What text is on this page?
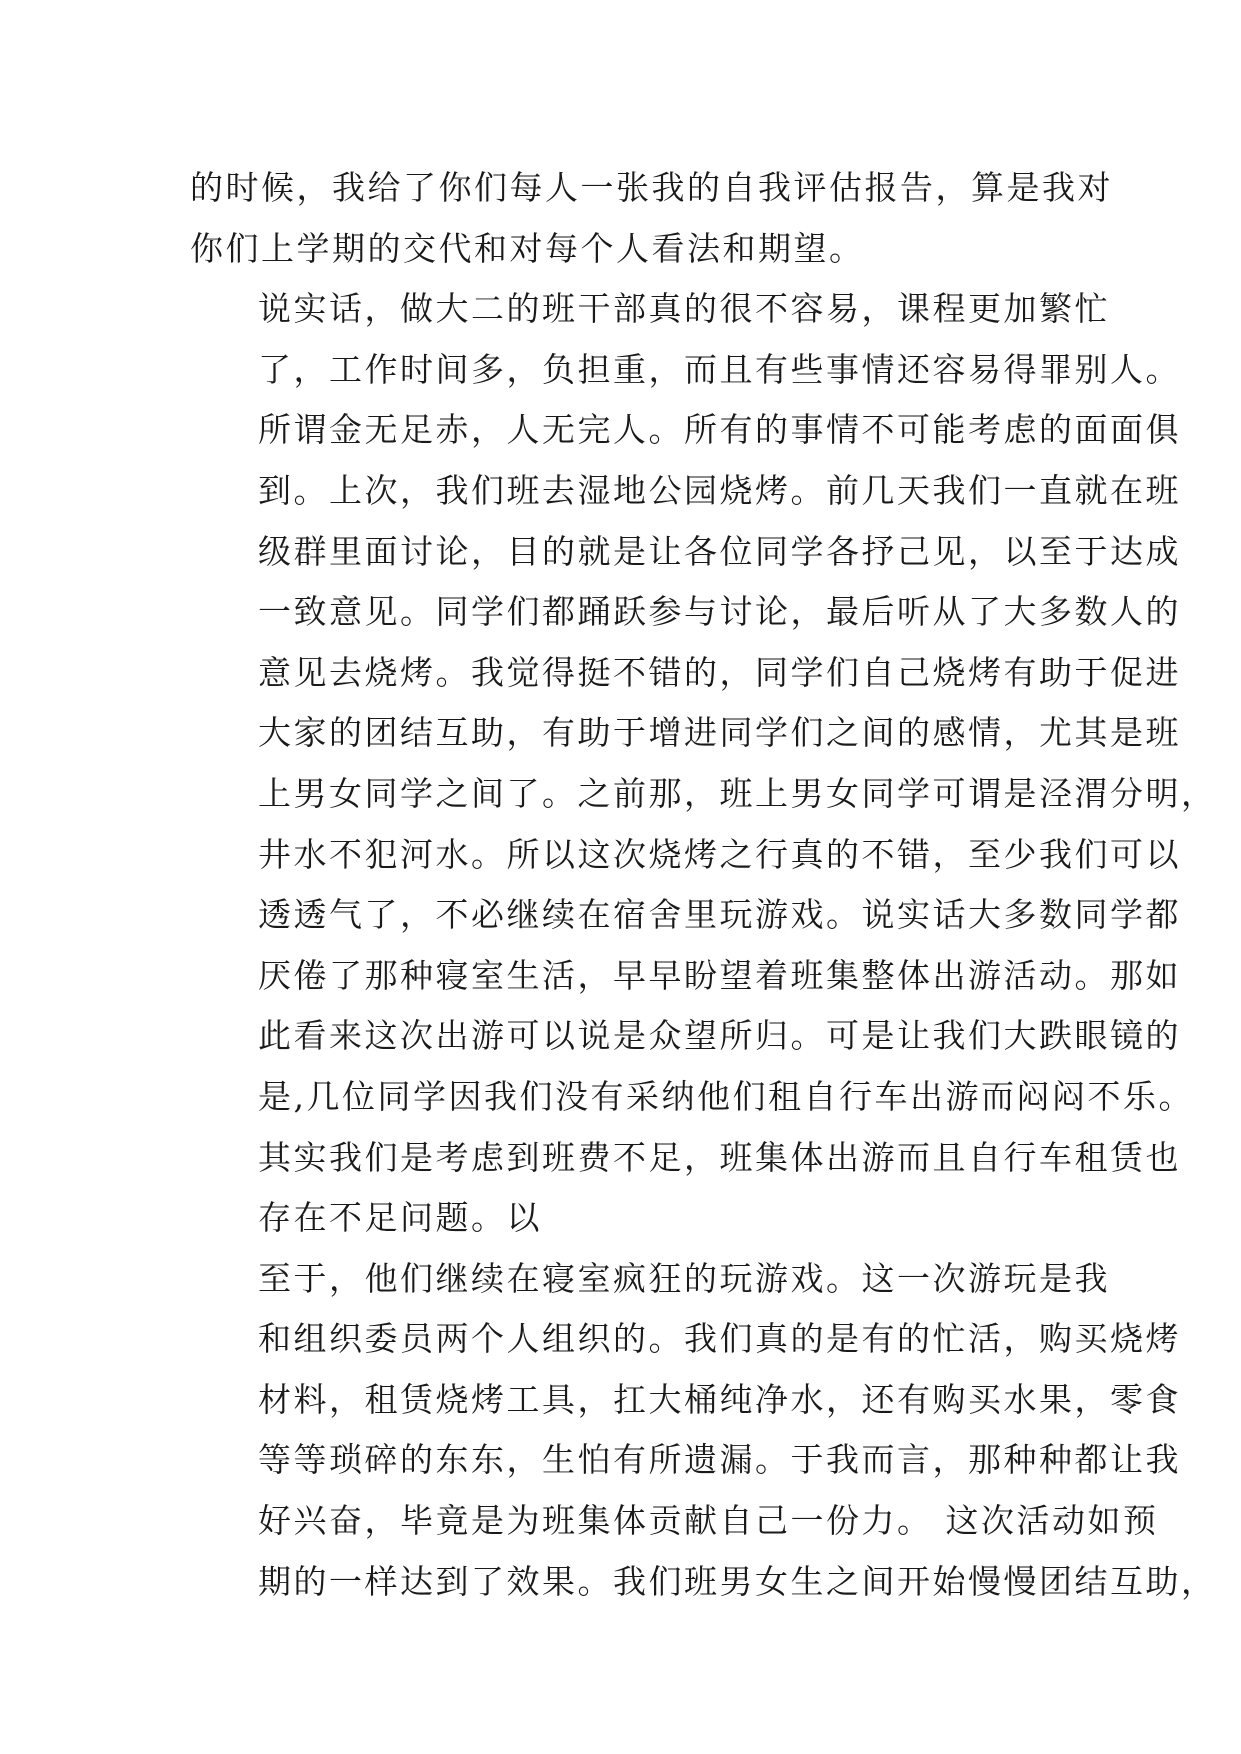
的时候，我给了你们每人一张我的自我评估报告，算是我对
你们上学期的交代和对每个人看法和期望。

说实话，做大二的班干部真的很不容易，课程更加繁忙
了，工作时间多，负担重，而且有些事情还容易得罪别人。
所谓金无足赤，人无完人。所有的事情不可能考虑的面面俱
到。上次，我们班去湿地公园烧烤。前几天我们一直就在班
级群里面讨论，目的就是让各位同学各抒己见，以至于达成
一致意见。同学们都踊跃参与讨论，最后听从了大多数人的
意见去烧烤。我觉得挺不错的，同学们自己烧烤有助于促进
大家的团结互助，有助于增进同学们之间的感情，尤其是班
上男女同学之间了。之前那，班上男女同学可谓是泾渭分明，
井水不犯河水。所以这次烧烤之行真的不错，至少我们可以
透透气了，不必继续在宿舍里玩游戏。说实话大多数同学都
厌倦了那种寝室生活，早早盼望着班集整体出游活动。那如
此看来这次出游可以说是众望所归。可是让我们大跌眼镜的
是,几位同学因我们没有采纳他们租自行车出游而闷闷不乐。
其实我们是考虑到班费不足，班集体出游而且自行车租赁也
存在不足问题。以

至于，他们继续在寝室疯狂的玩游戏。这一次游玩是我
和组织委员两个人组织的。我们真的是有的忙活，购买烧烤
材料，租赁烧烤工具，扛大桶纯净水，还有购买水果，零食
等等琐碎的东东，生怕有所遗漏。于我而言，那种种都让我
好兴奋，毕竟是为班集体贡献自己一份力。 这次活动如预
期的一样达到了效果。我们班男女生之间开始慢慢团结互助，
